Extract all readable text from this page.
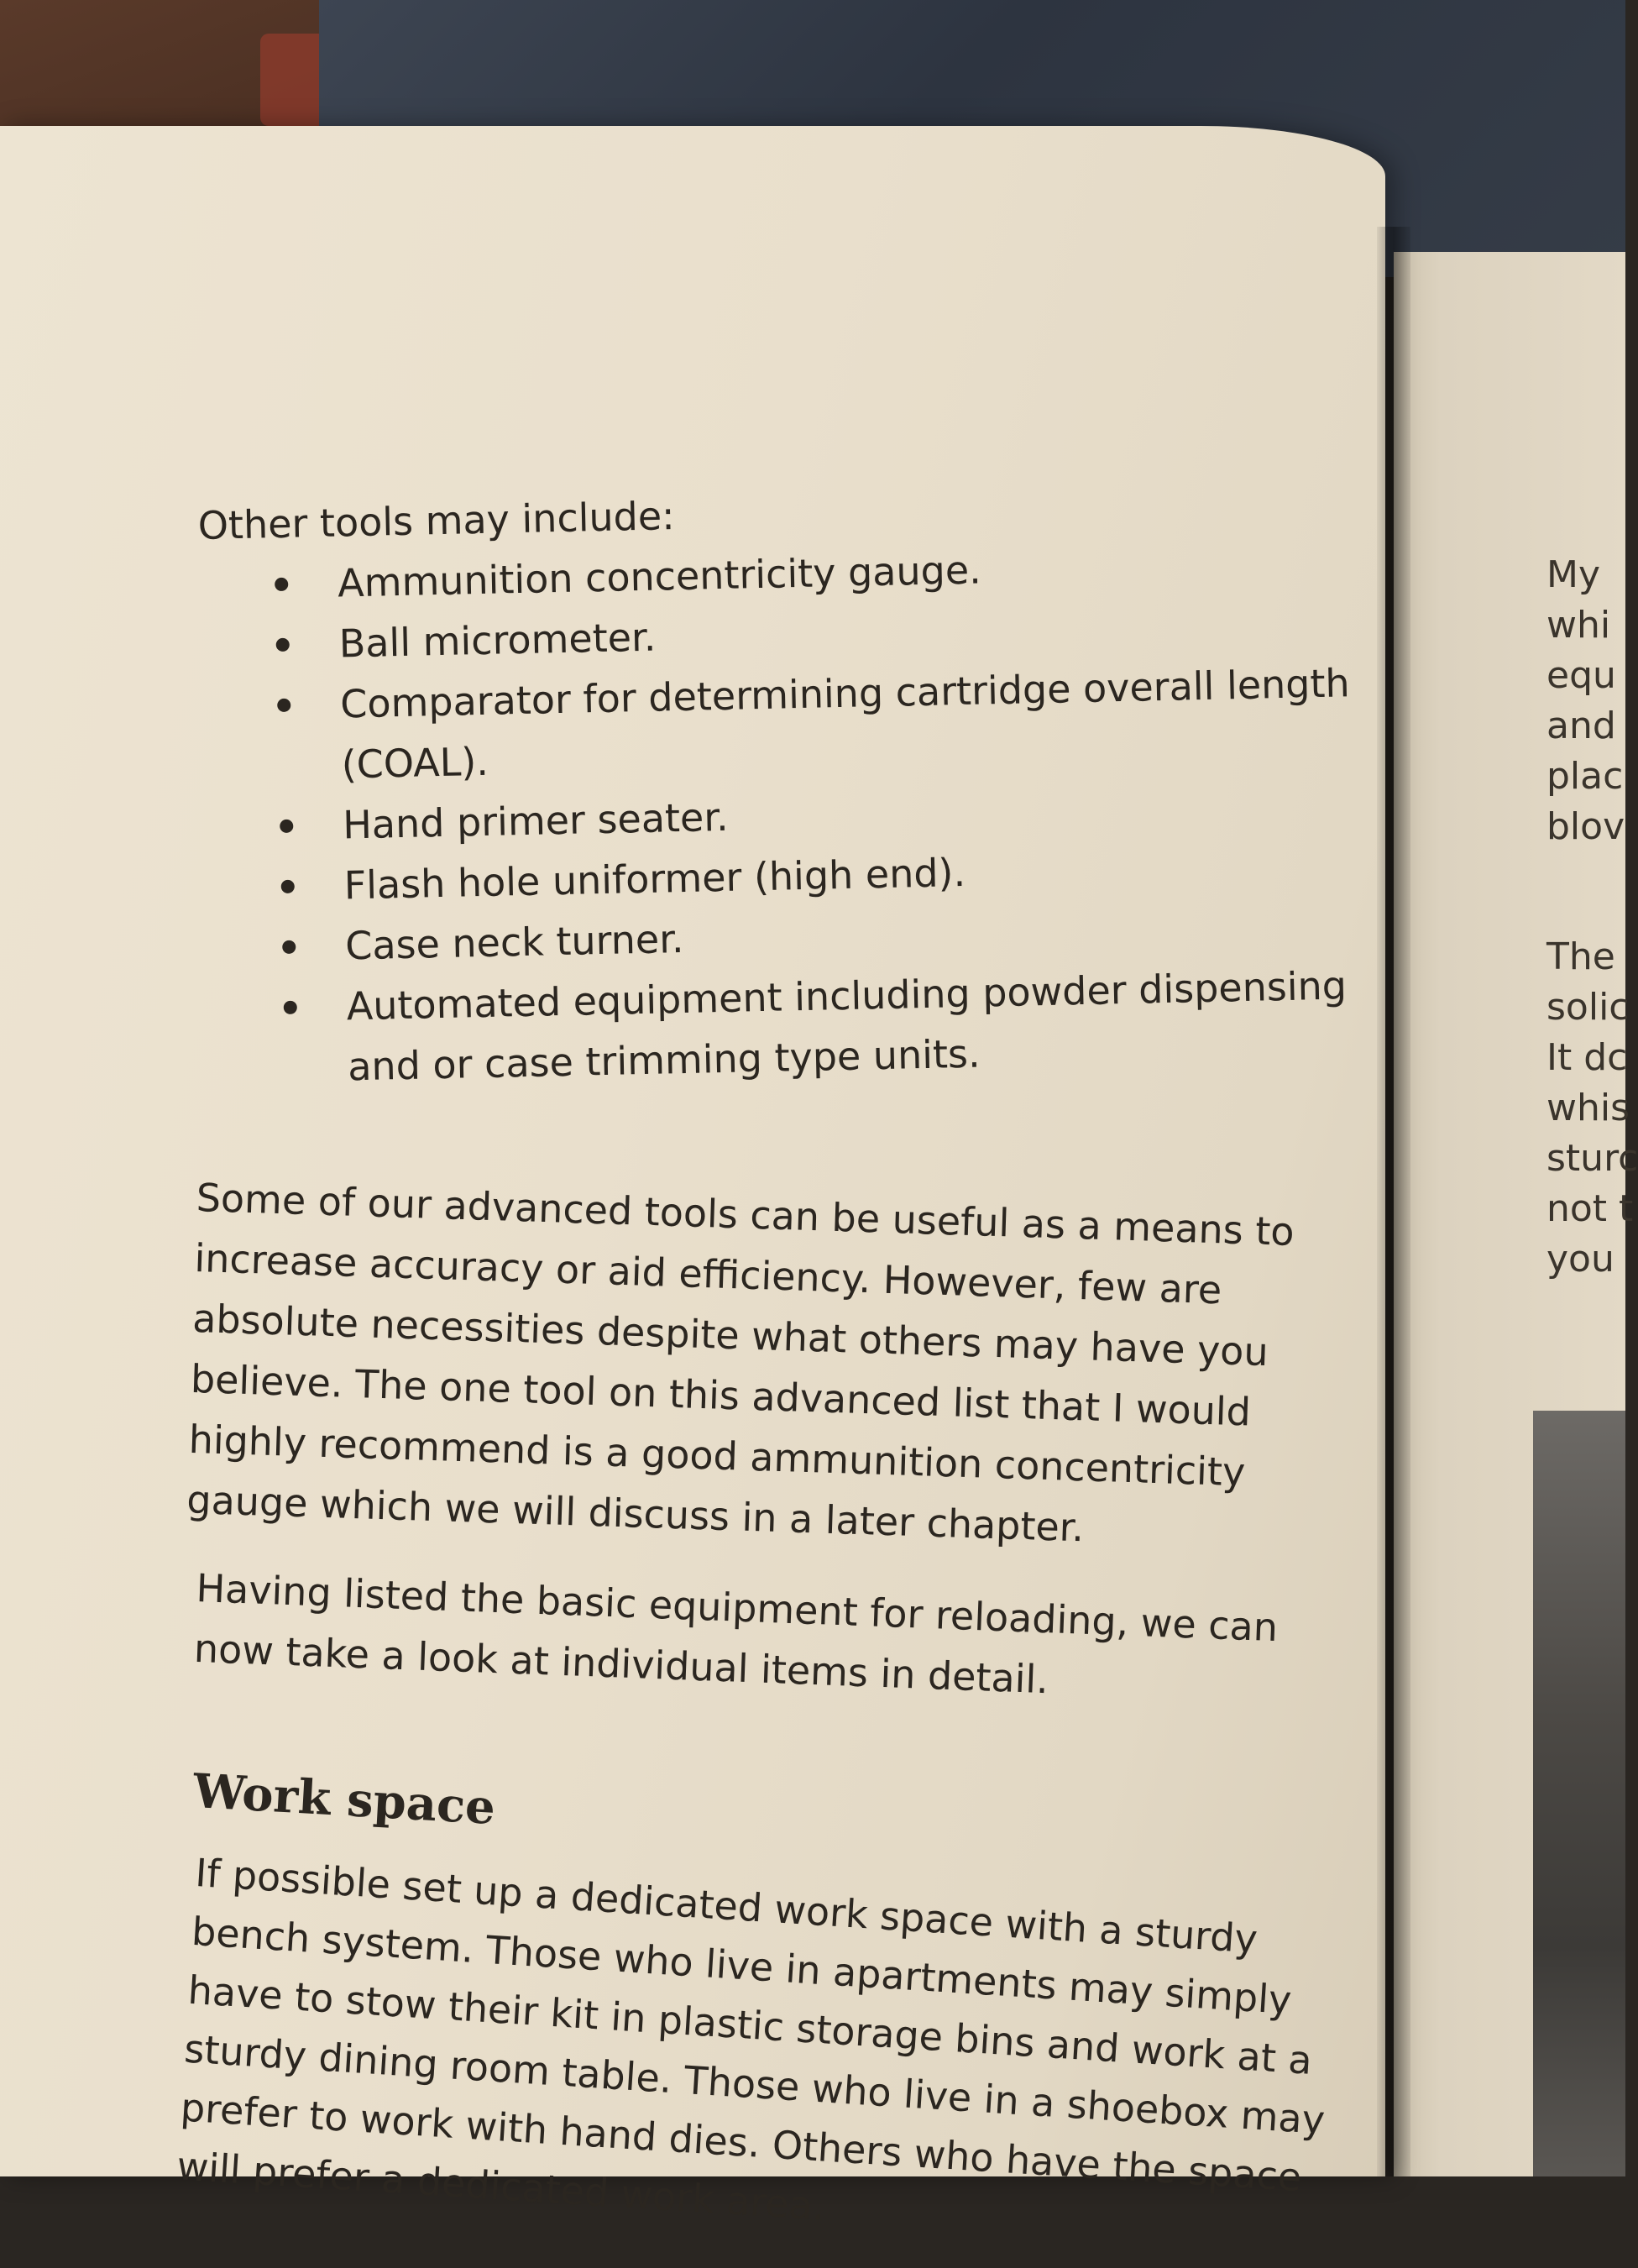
Other tools may include:
Ammunition concentricity gauge.
Ball micrometer.
Comparator for determining cartridge overall length (COAL).
Hand primer seater.
Flash hole uniformer (high end).
Case neck turner.
Automated equipment including powder dispensing and or case trimming type units.
Some of our advanced tools can be useful as a means to increase accuracy or aid efficiency. However, few are absolute necessities despite what others may have you believe. The one tool on this advanced list that I would highly recommend is a good ammunition concentricity gauge which we will discuss in a later chapter.
Having listed the basic equipment for reloading, we can now take a look at individual items in detail.
Work space
If possible set up a dedicated work space with a sturdy bench system. Those who live in apartments may simply have to stow their kit in plastic storage bins and work at a sturdy dining room table. Those who live in a shoebox may prefer to work with hand dies. Others who have the space will prefer a dedicated work area.
My
whi
equ
and
plac
blov
The
solic
It dc
whis
sturc
not t
you
